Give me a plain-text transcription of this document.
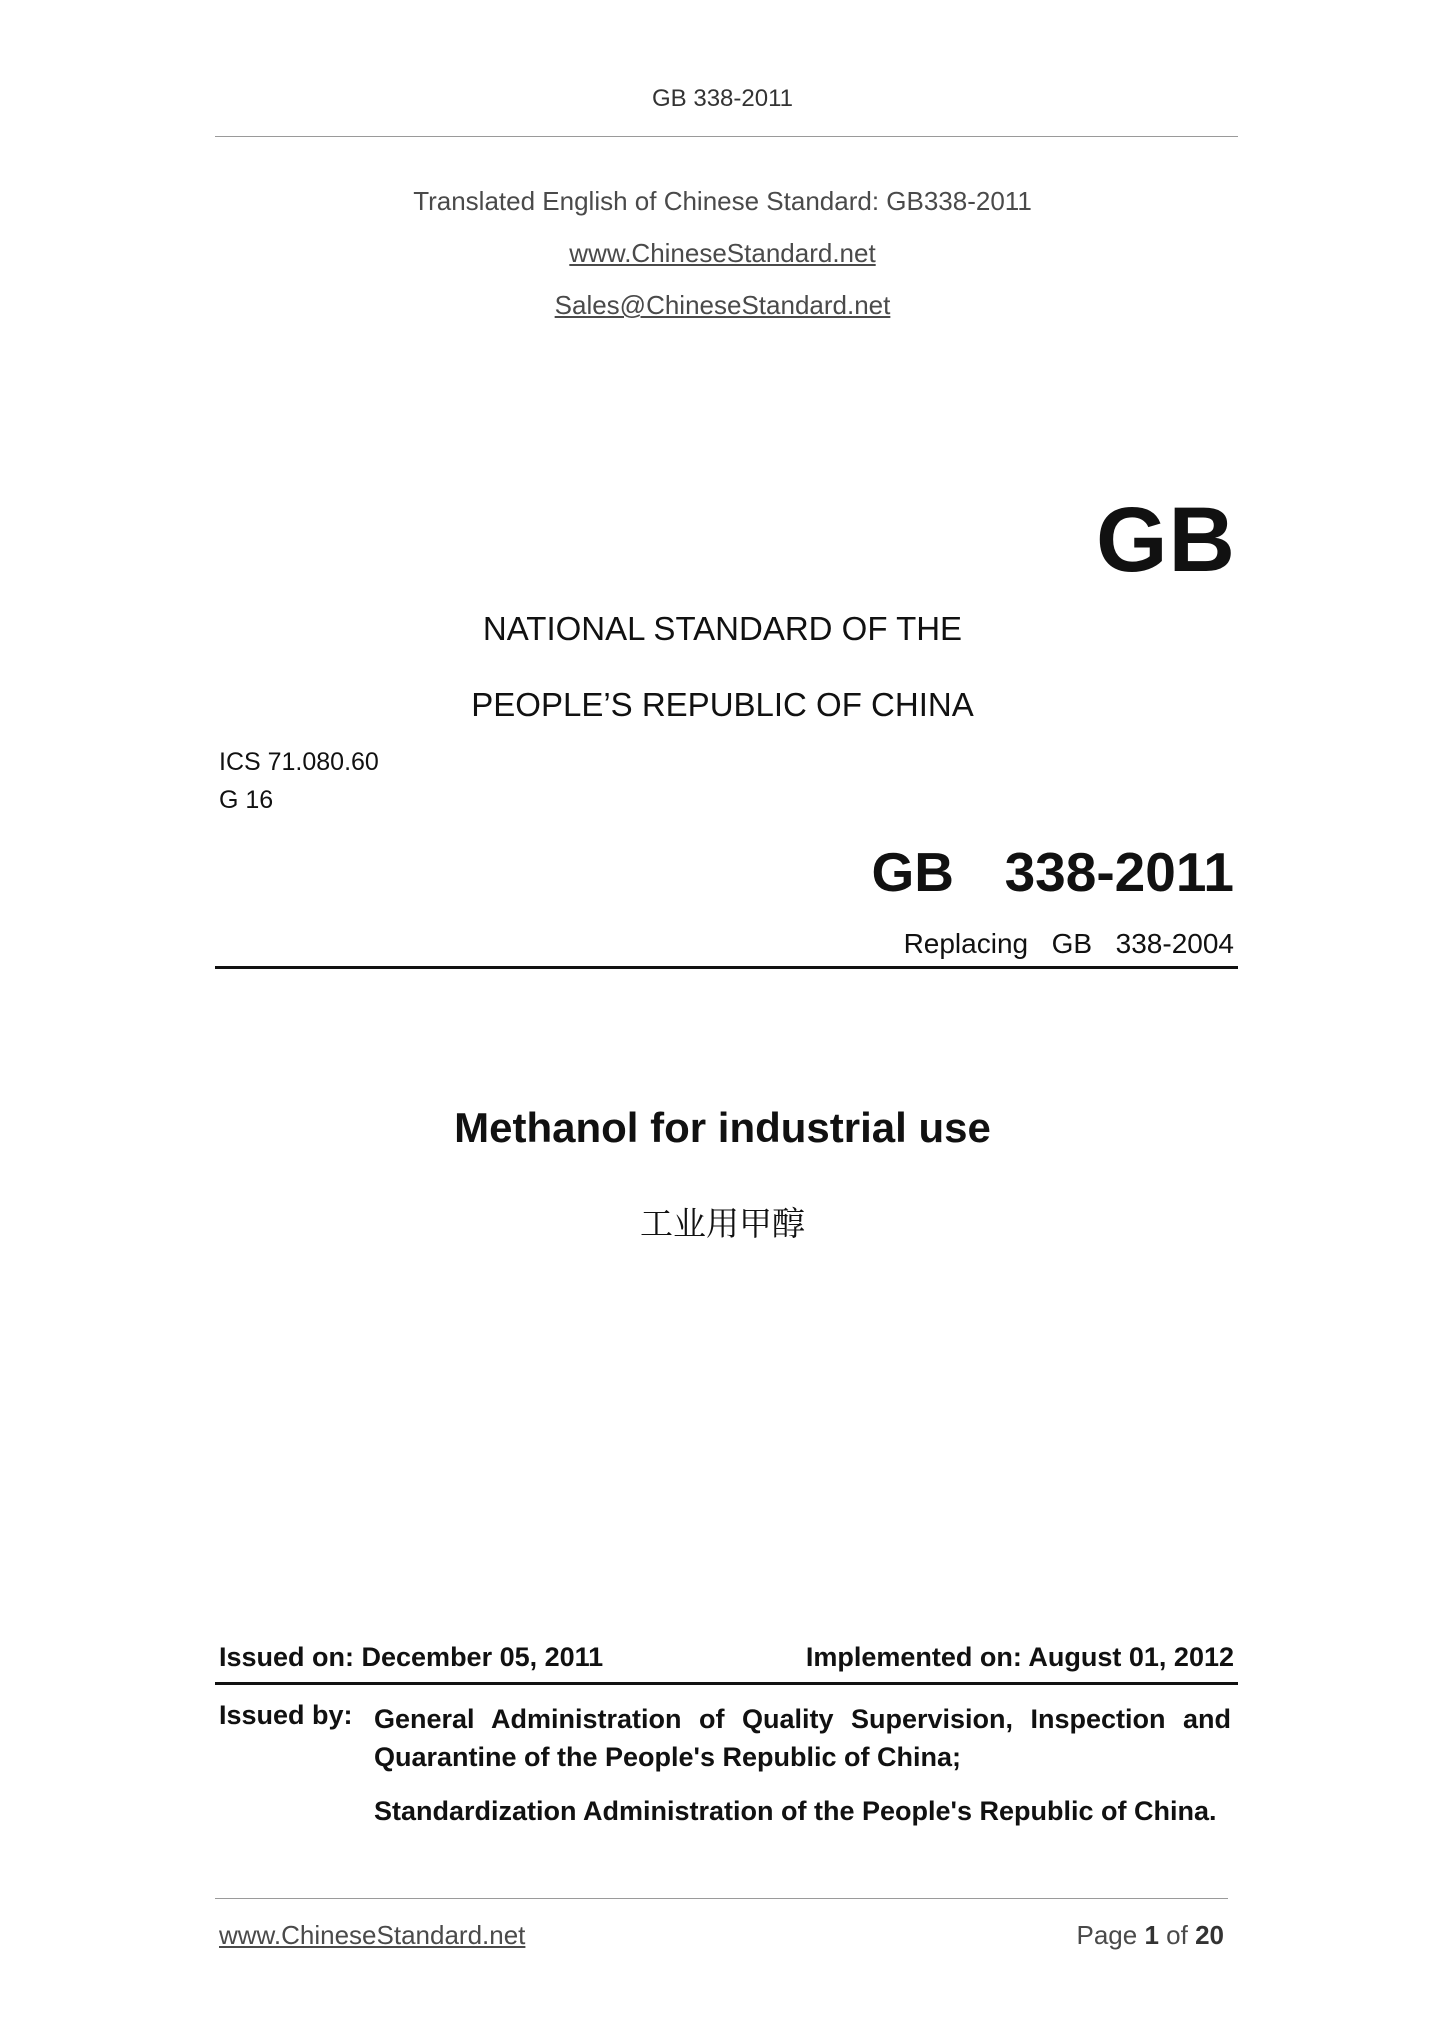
GB 338-2011
Translated English of Chinese Standard: GB338-2011
www.ChineseStandard.net
Sales@ChineseStandard.net
GB
NATIONAL STANDARD OF THE
PEOPLE’S REPUBLIC OF CHINA
ICS 71.080.60
G 16
GB  338-2011
Replacing  GB  338-2004
Methanol for industrial use
工业用甲醇
Issued on: December 05, 2011	Implemented on: August 01, 2012
Issued by: General Administration of Quality Supervision, Inspection and Quarantine of the People's Republic of China;
Standardization Administration of the People's Republic of China.
www.ChineseStandard.net	Page 1 of 20
